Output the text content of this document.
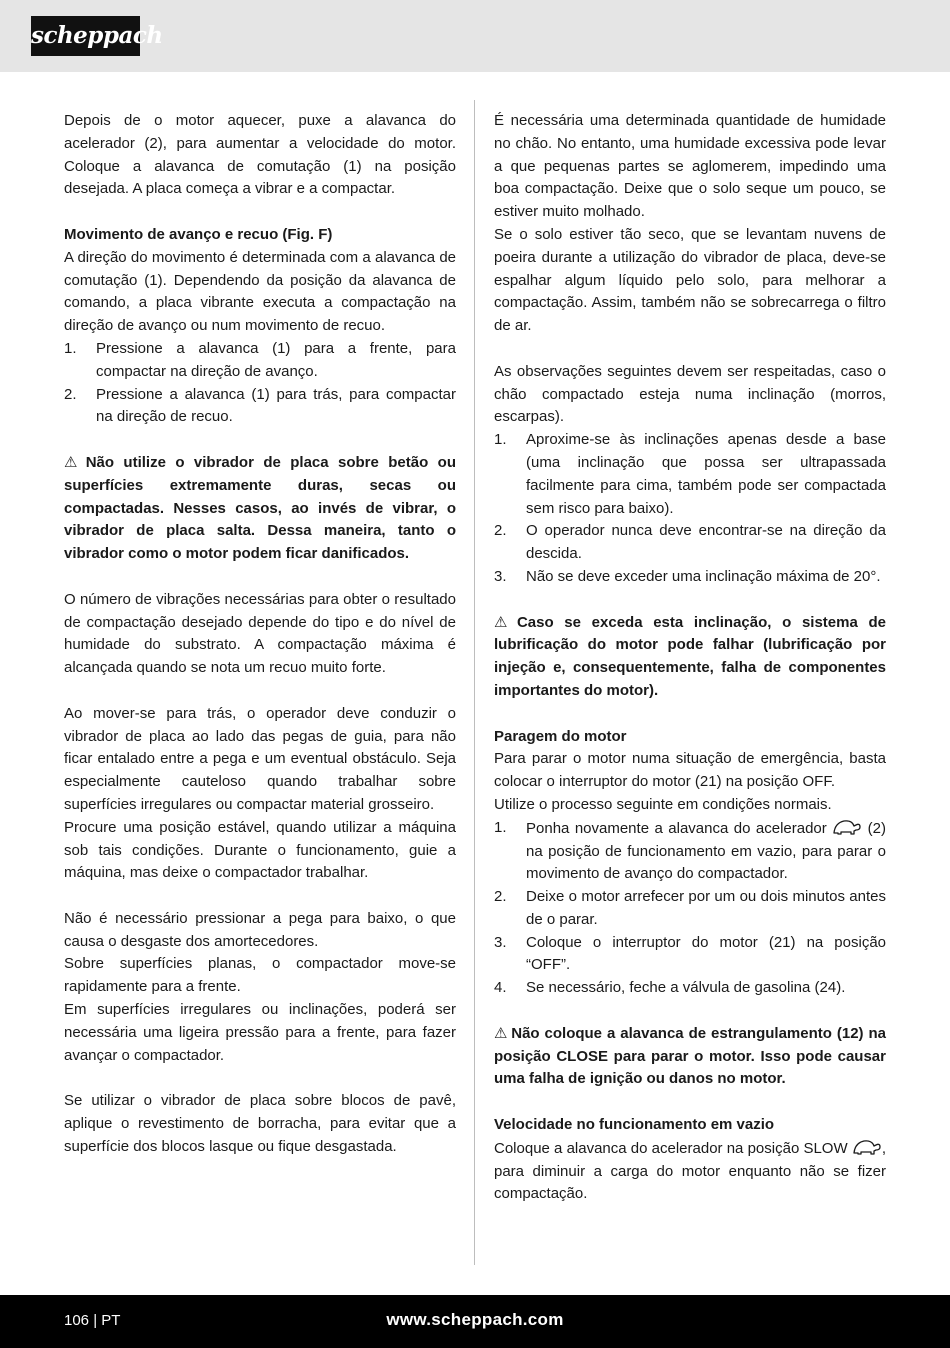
scheppach

Depois de o motor aquecer, puxe a alavanca do acelerador (2), para aumentar a velocidade do motor. Coloque a alavanca de comutação (1) na posição desejada. A placa começa a vibrar e a compactar.

Movimento de avanço e recuo (Fig. F)

A direção do movimento é determinada com a alavanca de comutação (1). Dependendo da posição da alavanca de comando, a placa vibrante executa a compactação na direção de avanço ou num movimento de recuo.

1. Pressione a alavanca (1) para a frente, para compactar na direção de avanço.
2. Pressione a alavanca (1) para trás, para compactar na direção de recuo.

⚠ Não utilize o vibrador de placa sobre betão ou superfícies extremamente duras, secas ou compactadas. Nesses casos, ao invés de vibrar, o vibrador de placa salta. Dessa maneira, tanto o vibrador como o motor podem ficar danificados.

O número de vibrações necessárias para obter o resultado de compactação desejado depende do tipo e do nível de humidade do substrato. A compactação máxima é alcançada quando se nota um recuo muito forte.

Ao mover-se para trás, o operador deve conduzir o vibrador de placa ao lado das pegas de guia, para não ficar entalado entre a pega e um eventual obstáculo. Seja especialmente cauteloso quando trabalhar sobre superfícies irregulares ou compactar material grosseiro.

Procure uma posição estável, quando utilizar a máquina sob tais condições. Durante o funcionamento, guie a máquina, mas deixe o compactador trabalhar.

Não é necessário pressionar a pega para baixo, o que causa o desgaste dos amortecedores.

Sobre superfícies planas, o compactador move-se rapidamente para a frente.

Em superfícies irregulares ou inclinações, poderá ser necessária uma ligeira pressão para a frente, para fazer avançar o compactador.

Se utilizar o vibrador de placa sobre blocos de pavê, aplique o revestimento de borracha, para evitar que a superfície dos blocos lasque ou fique desgastada.

É necessária uma determinada quantidade de humidade no chão. No entanto, uma humidade excessiva pode levar a que pequenas partes se aglomerem, impedindo uma boa compactação. Deixe que o solo seque um pouco, se estiver muito molhado.

Se o solo estiver tão seco, que se levantam nuvens de poeira durante a utilização do vibrador de placa, deve-se espalhar algum líquido pelo solo, para melhorar a compactação. Assim, também não se sobrecarrega o filtro de ar.

As observações seguintes devem ser respeitadas, caso o chão compactado esteja numa inclinação (morros, escarpas).

1. Aproxime-se às inclinações apenas desde a base (uma inclinação que possa ser ultrapassada facilmente para cima, também pode ser compactada sem risco para baixo).
2. O operador nunca deve encontrar-se na direção da descida.
3. Não se deve exceder uma inclinação máxima de 20°.

⚠ Caso se exceda esta inclinação, o sistema de lubrificação do motor pode falhar (lubrificação por injeção e, consequentemente, falha de componentes importantes do motor).

Paragem do motor

Para parar o motor numa situação de emergência, basta colocar o interruptor do motor (21) na posição OFF.

Utilize o processo seguinte em condições normais.

1. Ponha novamente a alavanca do acelerador	(2) na posição de funcionamento em vazio, para parar o movimento de avanço do compactador.
2. Deixe o motor arrefecer por um ou dois minutos antes de o parar.
3. Coloque o interruptor do motor (21) na posição “OFF”.
4. Se necessário, feche a válvula de gasolina (24).

⚠ Não coloque a alavanca de estrangulamento (12) na posição CLOSE para parar o motor. Isso pode causar uma falha de ignição ou danos no motor.

Velocidade no funcionamento em vazio

Coloque a alavanca do acelerador na posição SLOW , para diminuir a carga do motor enquanto não se fizer compactação.

106 | PT	www.scheppach.com
